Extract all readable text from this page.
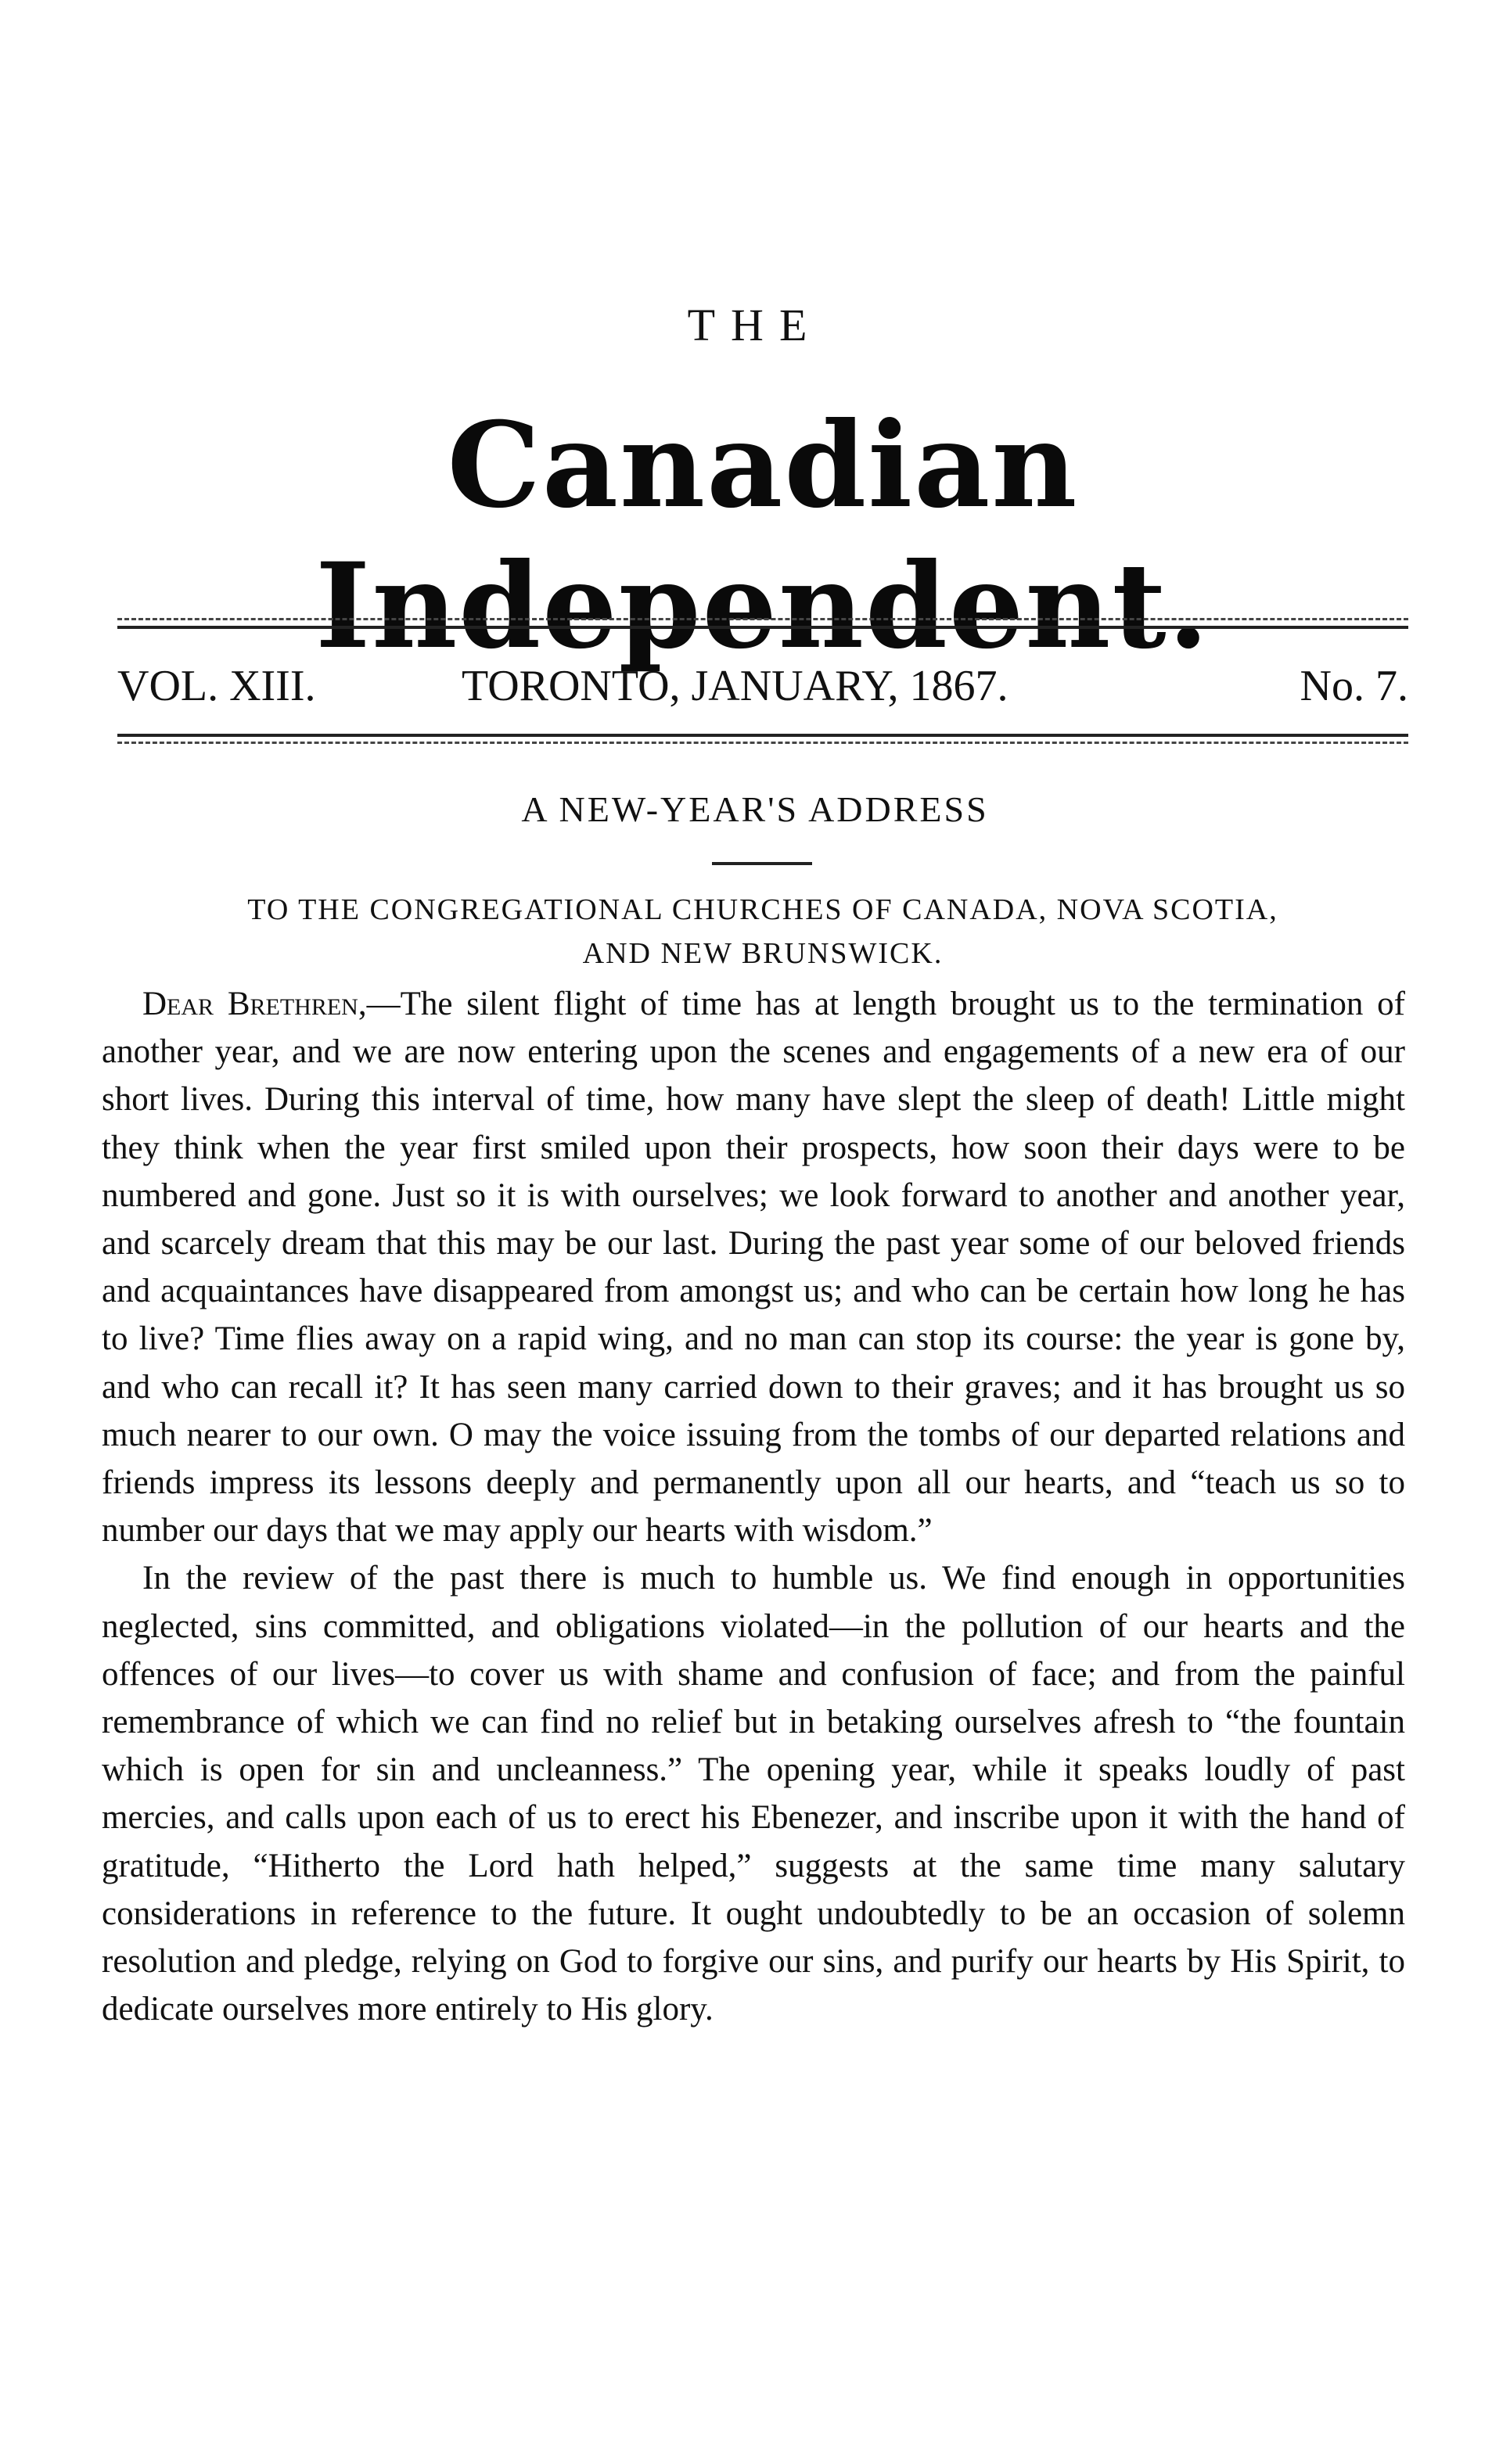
THE
Canadian Independent.
VOL. XIII.	TORONTO, JANUARY, 1867.	No. 7.
A NEW-YEAR'S ADDRESS
TO THE CONGREGATIONAL CHURCHES OF CANADA, NOVA SCOTIA,
AND NEW BRUNSWICK.

Dear Brethren,—The silent flight of time has at length brought us to the termination of another year, and we are now entering upon the scenes and engagements of a new era of our short lives. During this interval of time, how many have slept the sleep of death! Little might they think when the year first smiled upon their prospects, how soon their days were to be numbered and gone. Just so it is with ourselves; we look forward to another and another year, and scarcely dream that this may be our last. During the past year some of our beloved friends and acquaintances have disappeared from amongst us; and who can be certain how long he has to live? Time flies away on a rapid wing, and no man can stop its course: the year is gone by, and who can recall it? It has seen many carried down to their graves; and it has brought us so much nearer to our own. O may the voice issuing from the tombs of our departed relations and friends impress its lessons deeply and permanently upon all our hearts, and “teach us so to number our days that we may apply our hearts with wisdom.”

In the review of the past there is much to humble us. We find enough in opportunities neglected, sins committed, and obligations violated—in the pollution of our hearts and the offences of our lives—to cover us with shame and confusion of face; and from the painful remembrance of which we can find no relief but in betaking ourselves afresh to “the fountain which is open for sin and uncleanness.” The opening year, while it speaks loudly of past mercies, and calls upon each of us to erect his Ebenezer, and inscribe upon it with the hand of gratitude, “Hitherto the Lord hath helped,” suggests at the same time many salutary considerations in reference to the future. It ought undoubtedly to be an occasion of solemn resolution and pledge, relying on God to forgive our sins, and purify our hearts by His Spirit, to dedicate ourselves more entirely to His glory.
